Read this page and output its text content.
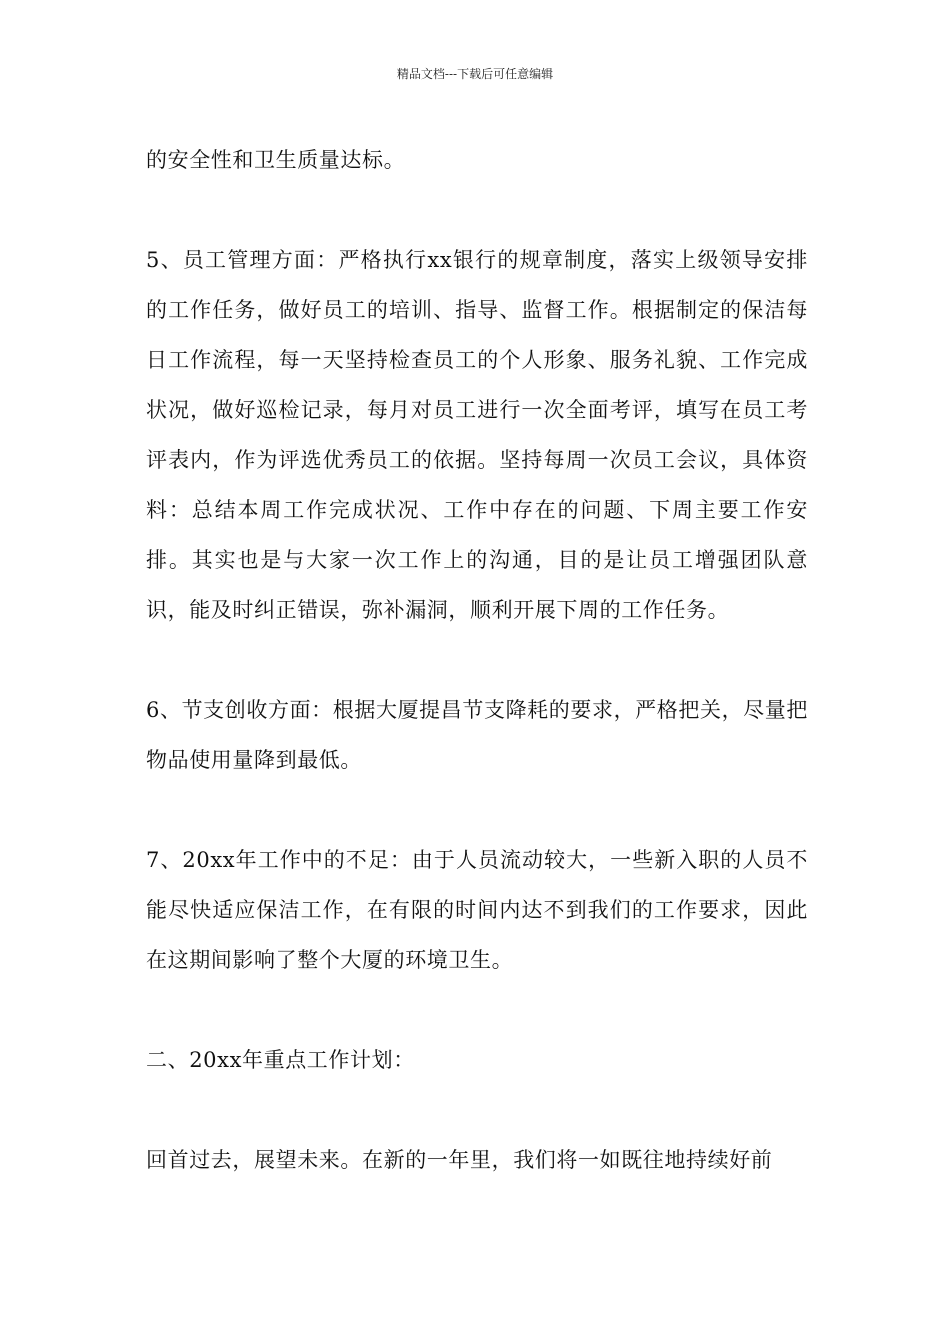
精品文档---下载后可任意编辑

的安全性和卫生质量达标。

5、员工管理方面：严格执行xx银行的规章制度，落实上级领导安排的工作任务，做好员工的培训、指导、监督工作。根据制定的保洁每日工作流程，每一天坚持检查员工的个人形象、服务礼貌、工作完成状况，做好巡检记录，每月对员工进行一次全面考评，填写在员工考评表内，作为评选优秀员工的依据。坚持每周一次员工会议，具体资料：总结本周工作完成状况、工作中存在的问题、下周主要工作安排。其实也是与大家一次工作上的沟通，目的是让员工增强团队意识，能及时纠正错误，弥补漏洞，顺利开展下周的工作任务。

6、节支创收方面：根据大厦提昌节支降耗的要求，严格把关，尽量把物品使用量降到最低。

7、20xx年工作中的不足：由于人员流动较大，一些新入职的人员不能尽快适应保洁工作，在有限的时间内达不到我们的工作要求，因此在这期间影响了整个大厦的环境卫生。

二、20xx年重点工作计划：

回首过去，展望未来。在新的一年里，我们将一如既往地持续好前
